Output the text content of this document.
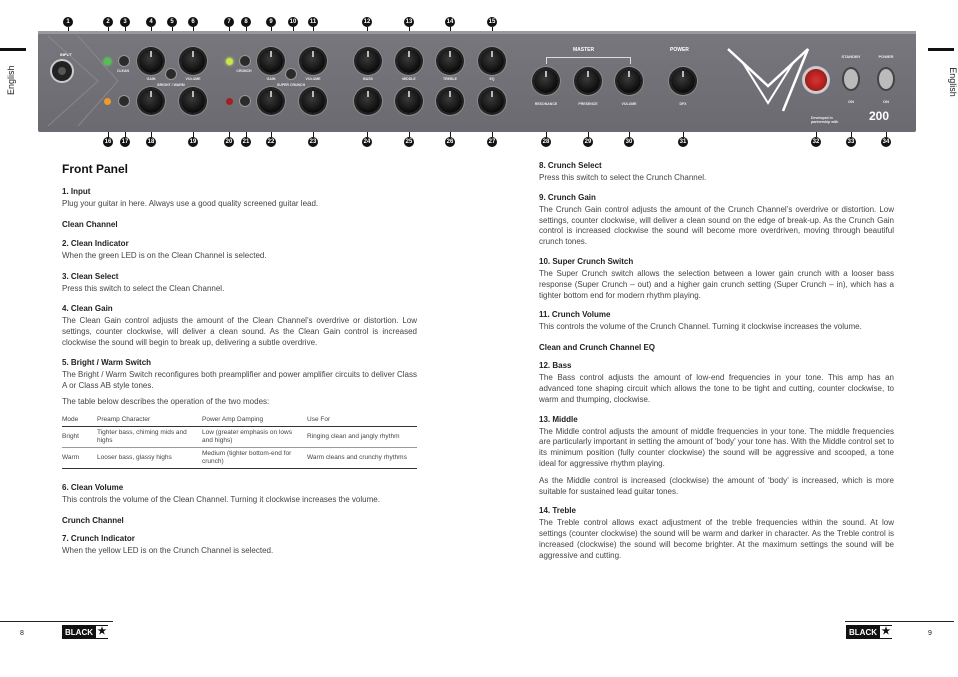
English	English
1	2	3	4	5	6	7	8	9	10	11	12	13	14	15
16 17	18	19	20 21	22	23	24	25	26	27	28	29	30	31	32	33	34
INPUT
CLEAN
GAIN
BRIGHT / WARM
VOLUME
CRUNCH
GAIN
SUPER CRUNCH
VOLUME	BASS	MIDDLE	TREBLE	EQ
MASTER	POWER
RESONANCE	PRESENCE	VOLUME	DFX
STANDBY	POWER
ON	ON
Developed in partnership with	200
Front Panel
1. Input
Plug your guitar in here. Always use a good quality screened guitar lead.
Clean Channel
2. Clean Indicator
When the green LED is on the Clean Channel is selected.
3. Clean Select
Press this switch to select the Clean Channel.
4. Clean Gain
The Clean Gain control adjusts the amount of the Clean Channel’s overdrive or distortion. Low settings, counter clockwise, will deliver a clean sound. As the Clean Gain control is increased clockwise the sound will begin to break up, delivering a subtle overdrive.
5. Bright / Warm Switch
The Bright / Warm Switch reconfigures both preamplifier and power amplifier circuits to deliver Class A or Class AB style tones.
The table below describes the operation of the two modes:
Mode	Preamp Character	Power Amp Damping	Use For
Bright	Tighter bass, chiming mids and highs	Low (greater emphasis on lows and highs)	Ringing clean and jangly rhythm
Warm	Looser bass, glassy highs	Medium (tighter bottom-end for crunch)	Warm cleans and crunchy rhythms
6. Clean Volume
This controls the volume of the Clean Channel. Turning it clockwise increases the volume.
Crunch Channel
7. Crunch Indicator
When the yellow LED is on the Crunch Channel is selected.
8. Crunch Select
Press this switch to select the Crunch Channel.
9. Crunch Gain
The Crunch Gain control adjusts the amount of the Crunch Channel’s overdrive or distortion. Low settings, counter clockwise, will deliver a clean sound on the edge of break-up. As the Crunch Gain control is increased clockwise the sound will become more overdriven, moving through beautiful crunch tones.
10. Super Crunch Switch
The Super Crunch switch allows the selection between a lower gain crunch with a looser bass response (Super Crunch – out) and a higher gain crunch setting (Super Crunch – in), which has a tighter bottom end for modern rhythm playing.
11. Crunch Volume
This controls the volume of the Crunch Channel. Turning it clockwise increases the volume.
Clean and Crunch Channel EQ
12. Bass
The Bass control adjusts the amount of low-end frequencies in your tone. This amp has an advanced tone shaping circuit which allows the tone to be tight and cutting, counter clockwise, to warm and thumping, clockwise.
13. Middle
The Middle control adjusts the amount of middle frequencies in your tone. The middle frequencies are particularly important in setting the amount of ‘body’ your tone has. With the Middle control set to its minimum position (fully counter clockwise) the sound will be aggressive and scooped, a tone ideal for aggressive rhythm playing.
As the Middle control is increased (clockwise) the amount of ‘body’ is increased, which is more suitable for sustained lead guitar tones.
14. Treble
The Treble control allows exact adjustment of the treble frequencies within the sound. At low settings (counter clockwise) the sound will be warm and darker in character. As the Treble control is increased (clockwise) the sound will become brighter. At the maximum settings the sound will be aggressive and cutting.
8	9
BLACK ★	BLACK ★
